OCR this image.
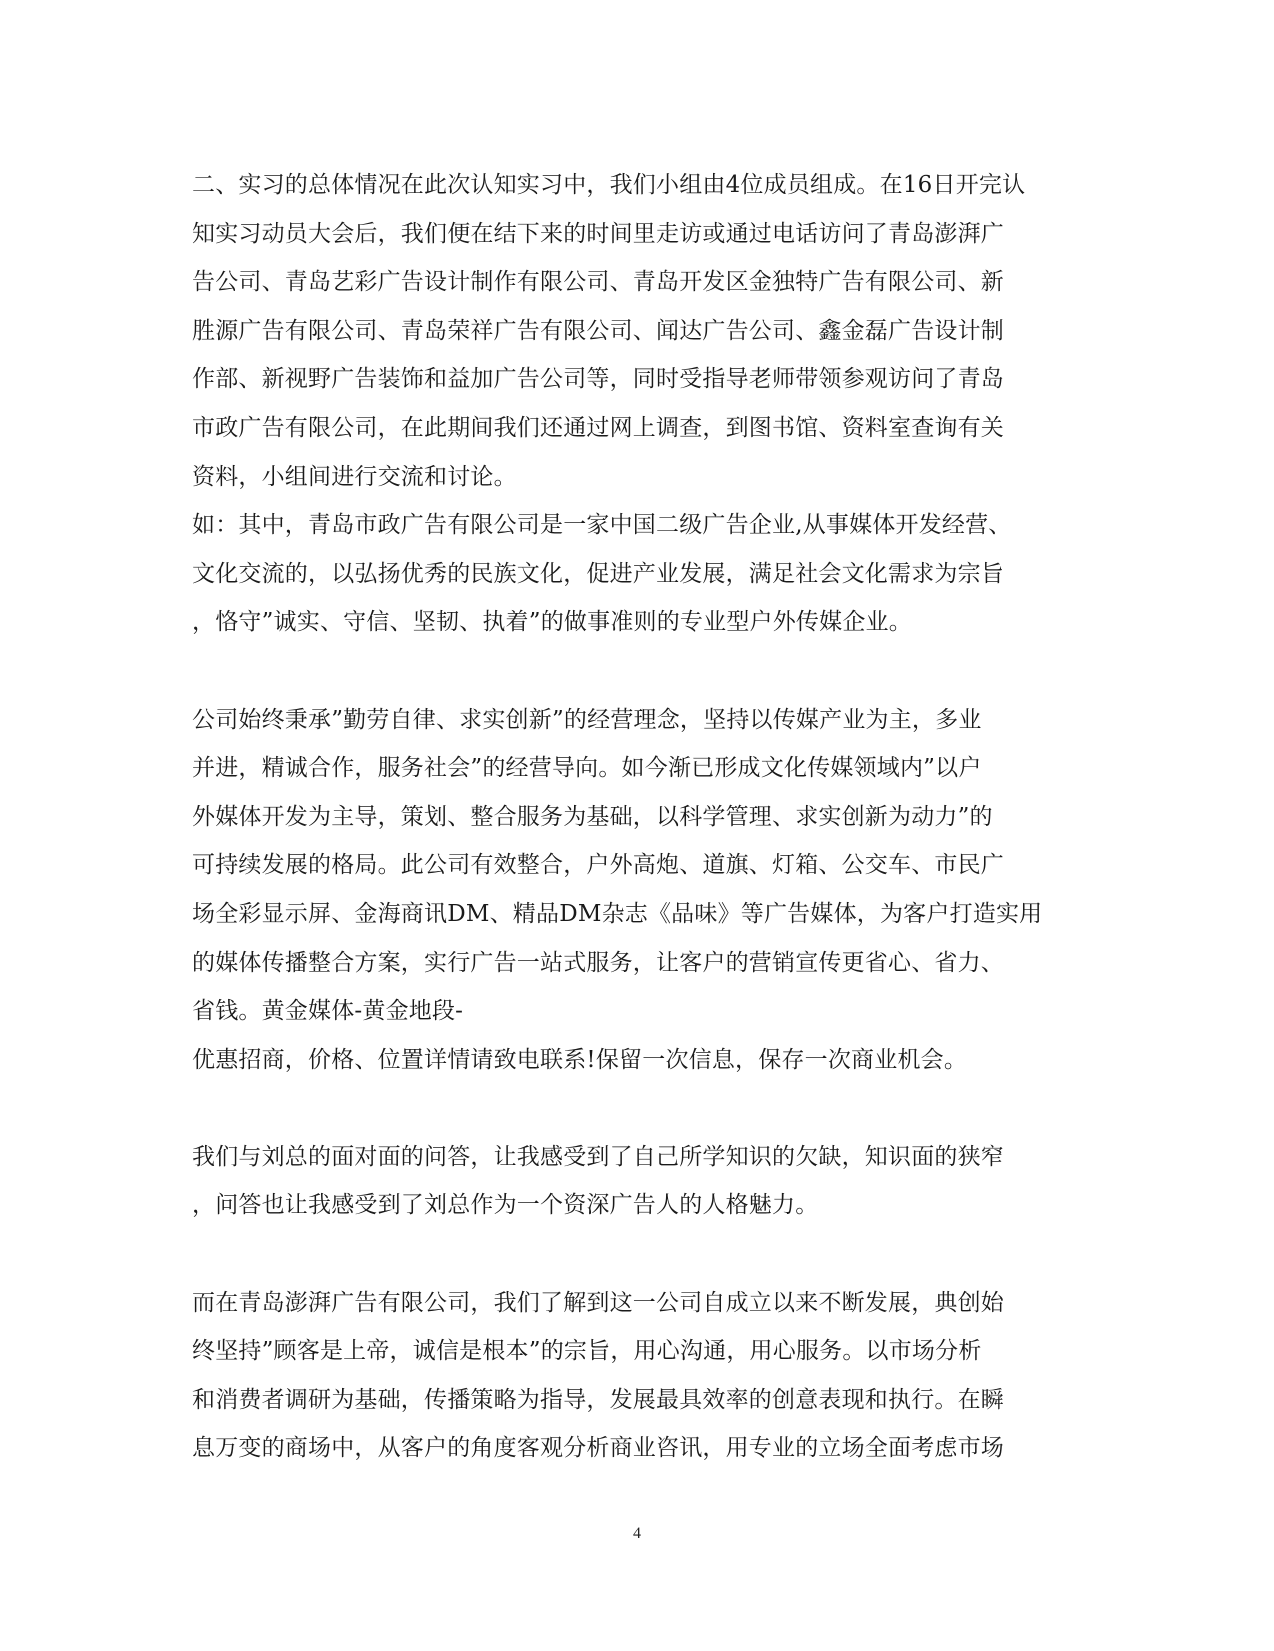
二、实习的总体情况在此次认知实习中，我们小组由4位成员组成。在16日开完认
知实习动员大会后，我们便在结下来的时间里走访或通过电话访问了青岛澎湃广
告公司、青岛艺彩广告设计制作有限公司、青岛开发区金独特广告有限公司、新
胜源广告有限公司、青岛荣祥广告有限公司、闻达广告公司、鑫金磊广告设计制
作部、新视野广告装饰和益加广告公司等，同时受指导老师带领参观访问了青岛
市政广告有限公司，在此期间我们还通过网上调查，到图书馆、资料室查询有关
资料，小组间进行交流和讨论。
如：其中，青岛市政广告有限公司是一家中国二级广告企业,从事媒体开发经营、
文化交流的，以弘扬优秀的民族文化，促进产业发展，满足社会文化需求为宗旨
，恪守”诚实、守信、坚韧、执着”的做事准则的专业型户外传媒企业。
公司始终秉承”勤劳自律、求实创新”的经营理念，坚持以传媒产业为主，多业
并进，精诚合作，服务社会”的经营导向。如今渐已形成文化传媒领域内”以户
外媒体开发为主导，策划、整合服务为基础，以科学管理、求实创新为动力”的
可持续发展的格局。此公司有效整合，户外高炮、道旗、灯箱、公交车、市民广
场全彩显示屏、金海商讯DM、精品DM杂志《品味》等广告媒体，为客户打造实用
的媒体传播整合方案，实行广告一站式服务，让客户的营销宣传更省心、省力、
省钱。黄金媒体-黄金地段-
优惠招商，价格、位置详情请致电联系!保留一次信息，保存一次商业机会。
我们与刘总的面对面的问答，让我感受到了自己所学知识的欠缺，知识面的狭窄
，问答也让我感受到了刘总作为一个资深广告人的人格魅力。
而在青岛澎湃广告有限公司，我们了解到这一公司自成立以来不断发展，典创始
终坚持”顾客是上帝，诚信是根本”的宗旨，用心沟通，用心服务。以市场分析
和消费者调研为基础，传播策略为指导，发展最具效率的创意表现和执行。在瞬
息万变的商场中，从客户的角度客观分析商业咨讯，用专业的立场全面考虑市场
4
